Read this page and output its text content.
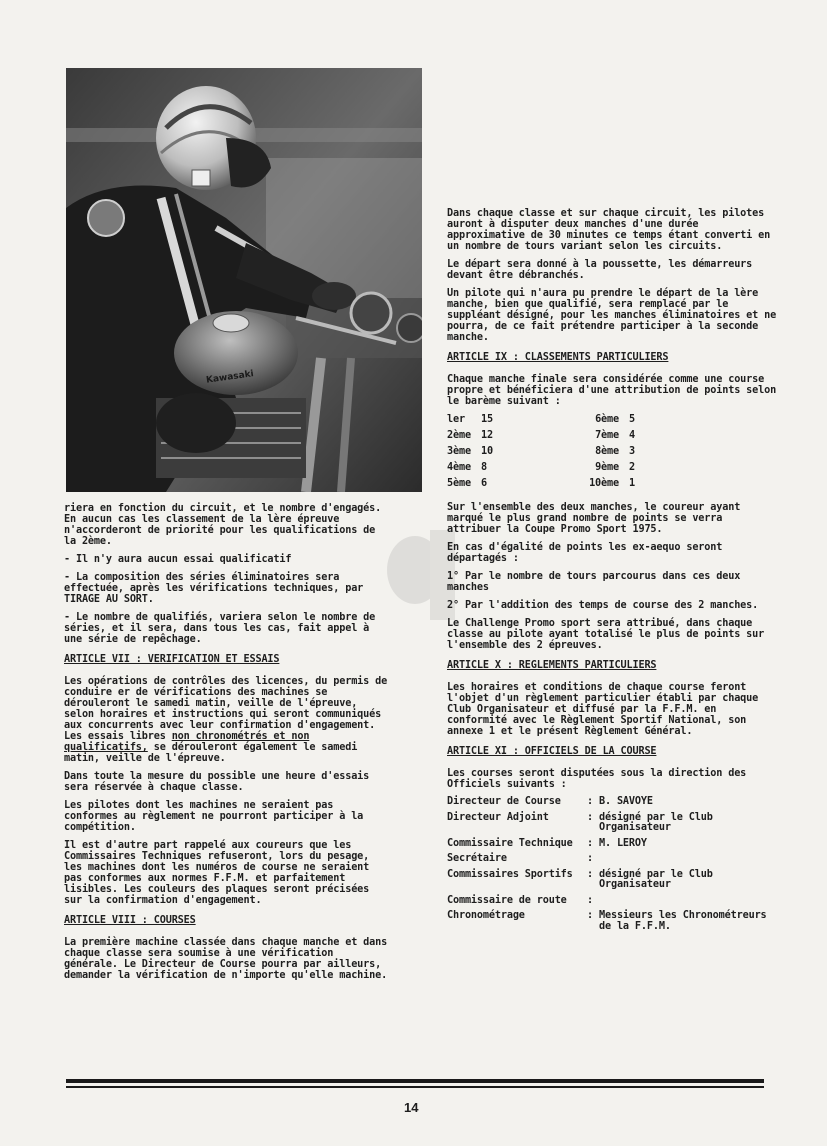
Kawasaki

riera en fonction du circuit, et le nombre d'engagés. En aucun cas les classement de la lère épreuve n'accorderont de priorité pour les qualifications de la 2ème.

- Il n'y aura aucun essai qualificatif

- La composition des séries éliminatoires sera effectuée, après les vérifications techniques, par TIRAGE AU SORT.

- Le nombre de qualifiés, variera selon le nombre de séries, et il sera, dans tous les cas, fait appel à une série de repêchage.

ARTICLE VII : VERIFICATION ET ESSAIS

Les opérations de contrôles des licences, du permis de conduire er de vérifications des machines se dérouleront le samedi matin, veille de l'épreuve, selon horaires et instructions qui seront communiqués aux concurrents avec leur confirmation d'engagement. Les essais libres non chronométrés et non qualificatifs, se dérouleront également le samedi matin, veille de l'épreuve.

Dans toute la mesure du possible une heure d'essais sera réservée à chaque classe.

Les pilotes dont les machines ne seraient pas conformes au règlement ne pourront participer à la compétition.

Il est d'autre part rappelé aux coureurs que les Commissaires Techniques refuseront, lors du pesage, les machines dont les numéros de course ne seraient pas conformes aux normes F.F.M. et parfaitement lisibles. Les couleurs des plaques seront précisées sur la confirmation d'engagement.

ARTICLE VIII : COURSES

La première machine classée dans chaque manche et dans chaque classe sera soumise à une vérification générale. Le Directeur de Course pourra par ailleurs, demander la vérification de n'importe qu'elle machine.

Dans chaque classe et sur chaque circuit, les pilotes auront à disputer deux manches d'une durée approximative de 30 minutes ce temps étant converti en un nombre de tours variant selon les circuits.

Le départ sera donné à la poussette, les démarreurs devant être débranchés.

Un pilote qui n'aura pu prendre le départ de la lère manche, bien que qualifié, sera remplacé par le suppléant désigné, pour les manches éliminatoires et ne pourra, de ce fait prétendre participer à la seconde manche.

ARTICLE IX : CLASSEMENTS PARTICULIERS

Chaque manche finale sera considérée comme une course propre et bénéficiera d'une attribution de points selon le barème suivant :

ler	15	6ème	5
2ème	12	7ème	4
3ème	10	8ème	3
4ème	8	9ème	2
5ème	6	10ème	1

Sur l'ensemble des deux manches, le coureur ayant marqué le plus grand nombre de points se verra attribuer la Coupe Promo Sport 1975.

En cas d'égalité de points les ex-aequo seront départagés :

1° Par le nombre de tours parcourus dans ces deux manches

2° Par l'addition des temps de course des 2 manches.

Le Challenge Promo sport sera attribué, dans chaque classe au pilote ayant totalisé le plus de points sur l'ensemble des 2 épreuves.

ARTICLE X : REGLEMENTS PARTICULIERS

Les horaires et conditions de chaque course feront l'objet d'un règlement particulier établi par chaque Club Organisateur et diffusé par la F.F.M. en conformité avec le Règlement Sportif National, son annexe 1 et le présent Règlement Général.

ARTICLE XI : OFFICIELS DE LA COURSE

Les courses seront disputées sous la direction des Officiels suivants :

Directeur de Course	:	B. SAVOYE
Directeur Adjoint	:	désigné par le Club Organisateur
Commissaire Technique	:	M. LEROY
Secrétaire	:	
Commissaires Sportifs	:	désigné par le Club Organisateur
Commissaire de route	:	
Chronométrage	:	Messieurs les Chronométreurs de la F.F.M.
14
